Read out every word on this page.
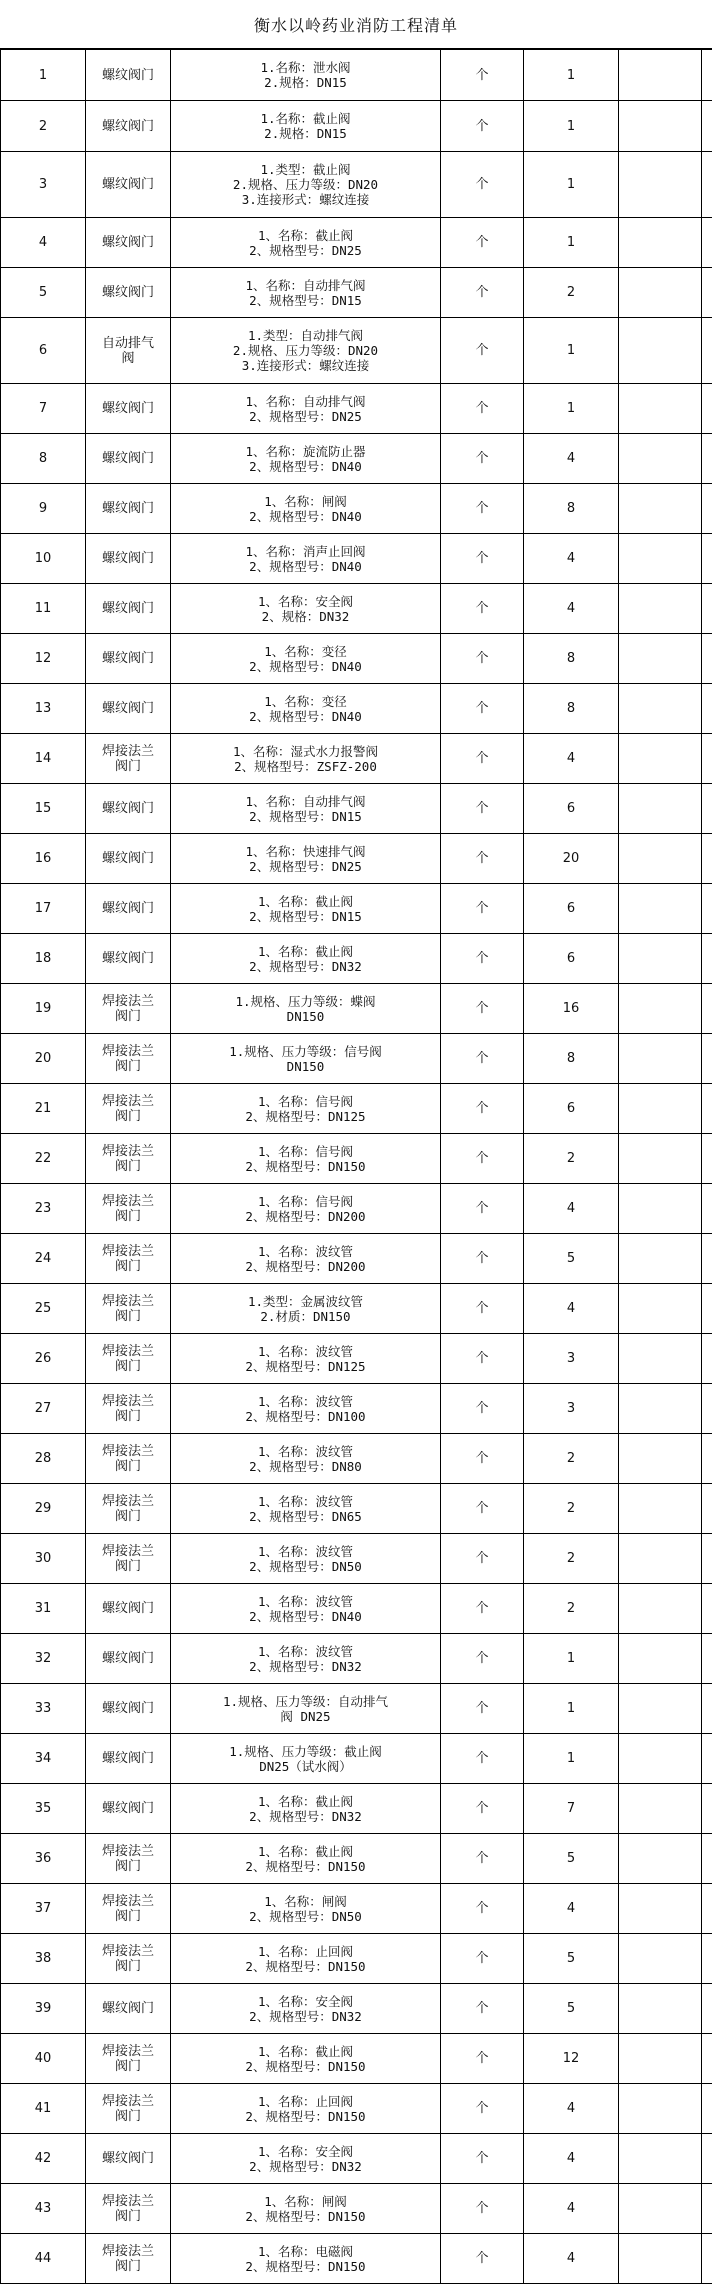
衡水以岭药业消防工程清单
1	螺纹阀门	1.名称：泄水阀
2.规格：DN15	个	1		
2	螺纹阀门	1.名称：截止阀
2.规格：DN15	个	1		
3	螺纹阀门	1.类型：截止阀
2.规格、压力等级：DN20
3.连接形式：螺纹连接	个	1		
4	螺纹阀门	1、名称：截止阀
2、规格型号：DN25	个	1		
5	螺纹阀门	1、名称：自动排气阀
2、规格型号：DN15	个	2		
6	自动排气
阀	1.类型：自动排气阀
2.规格、压力等级：DN20
3.连接形式：螺纹连接	个	1		
7	螺纹阀门	1、名称：自动排气阀
2、规格型号：DN25	个	1		
8	螺纹阀门	1、名称：旋流防止器
2、规格型号：DN40	个	4		
9	螺纹阀门	1、名称：闸阀
2、规格型号：DN40	个	8		
10	螺纹阀门	1、名称：消声止回阀
2、规格型号：DN40	个	4		
11	螺纹阀门	1、名称：安全阀
2、规格：DN32	个	4		
12	螺纹阀门	1、名称：变径
2、规格型号：DN40	个	8		
13	螺纹阀门	1、名称：变径
2、规格型号：DN40	个	8		
14	焊接法兰
阀门	1、名称：湿式水力报警阀
2、规格型号：ZSFZ-200	个	4		
15	螺纹阀门	1、名称：自动排气阀
2、规格型号：DN15	个	6		
16	螺纹阀门	1、名称：快速排气阀
2、规格型号：DN25	个	20		
17	螺纹阀门	1、名称：截止阀
2、规格型号：DN15	个	6		
18	螺纹阀门	1、名称：截止阀
2、规格型号：DN32	个	6		
19	焊接法兰
阀门	1.规格、压力等级：蝶阀
DN150	个	16		
20	焊接法兰
阀门	1.规格、压力等级：信号阀
DN150	个	8		
21	焊接法兰
阀门	1、名称：信号阀
2、规格型号：DN125	个	6		
22	焊接法兰
阀门	1、名称：信号阀
2、规格型号：DN150	个	2		
23	焊接法兰
阀门	1、名称：信号阀
2、规格型号：DN200	个	4		
24	焊接法兰
阀门	1、名称：波纹管
2、规格型号：DN200	个	5		
25	焊接法兰
阀门	1.类型：金属波纹管
2.材质：DN150	个	4		
26	焊接法兰
阀门	1、名称：波纹管
2、规格型号：DN125	个	3		
27	焊接法兰
阀门	1、名称：波纹管
2、规格型号：DN100	个	3		
28	焊接法兰
阀门	1、名称：波纹管
2、规格型号：DN80	个	2		
29	焊接法兰
阀门	1、名称：波纹管
2、规格型号：DN65	个	2		
30	焊接法兰
阀门	1、名称：波纹管
2、规格型号：DN50	个	2		
31	螺纹阀门	1、名称：波纹管
2、规格型号：DN40	个	2		
32	螺纹阀门	1、名称：波纹管
2、规格型号：DN32	个	1		
33	螺纹阀门	1.规格、压力等级：自动排气
阀 DN25	个	1		
34	螺纹阀门	1.规格、压力等级：截止阀
DN25（试水阀）	个	1		
35	螺纹阀门	1、名称：截止阀
2、规格型号：DN32	个	7		
36	焊接法兰
阀门	1、名称：截止阀
2、规格型号：DN150	个	5		
37	焊接法兰
阀门	1、名称：闸阀
2、规格型号：DN50	个	4		
38	焊接法兰
阀门	1、名称：止回阀
2、规格型号：DN150	个	5		
39	螺纹阀门	1、名称：安全阀
2、规格型号：DN32	个	5		
40	焊接法兰
阀门	1、名称：截止阀
2、规格型号：DN150	个	12		
41	焊接法兰
阀门	1、名称：止回阀
2、规格型号：DN150	个	4		
42	螺纹阀门	1、名称：安全阀
2、规格型号：DN32	个	4		
43	焊接法兰
阀门	1、名称：闸阀
2、规格型号：DN150	个	4		
44	焊接法兰
阀门	1、名称：电磁阀
2、规格型号：DN150	个	4		
